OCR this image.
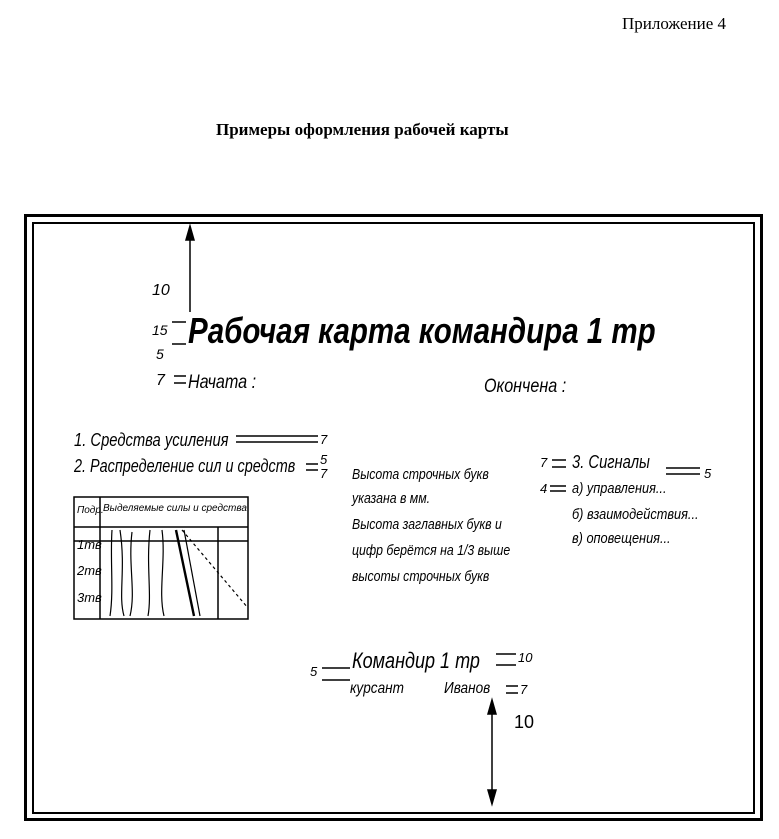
Приложение 4
Примеры оформления рабочей карты
10
15
5
7
7
5
7
7
5
4
5
10
7
10
Рабочая карта командира 1 тр
Начата :	Окончена :
1. Средства усиления
2. Распределение сил и средств
Подр. Выделяемые силы и средства
1тв
2тв
3тв
Высота строчных букв
указана в мм.
Высота заглавных букв и
цифр берётся на 1/3 выше
высоты строчных букв
3. Сигналы
а) управления...
б) взаимодействия...
в) оповещения...
Командир 1 тр
курсант	Иванов
